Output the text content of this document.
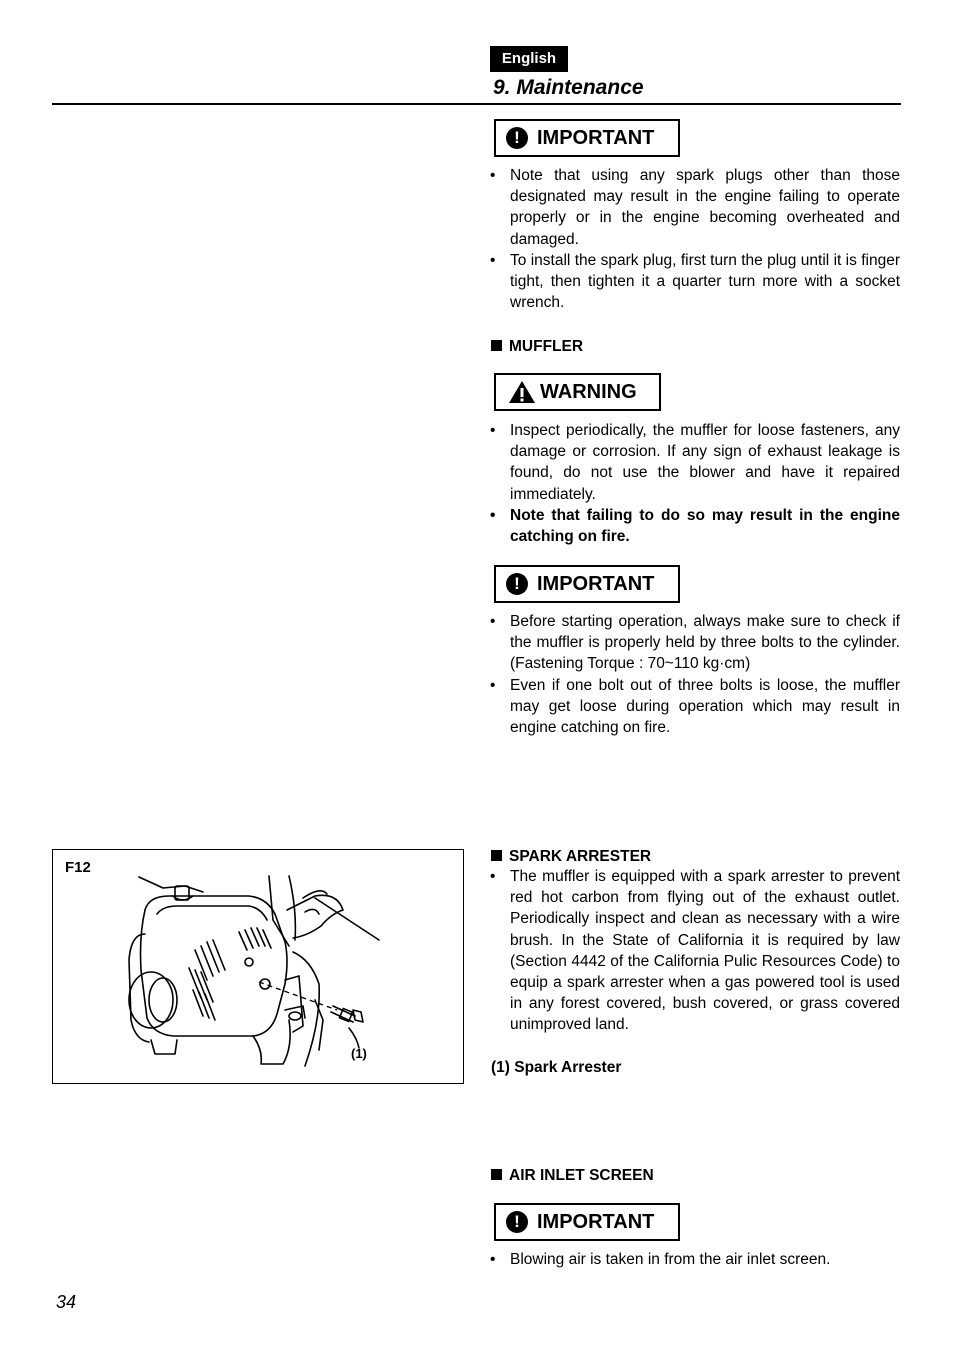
English
9. Maintenance
! IMPORTANT
• Note that using any spark plugs other than those designated may result in the engine failing to operate properly or in the engine becoming overheated and damaged.
• To install the spark plug, first turn the plug until it is finger tight, then tighten it a quarter turn more with a socket wrench.
MUFFLER
WARNING
• Inspect periodically, the muffler for loose fasteners, any damage or corrosion. If any sign of exhaust leakage is found, do not use the blower and have it repaired immediately.
• Note that failing to do so may result in the engine catching on fire.
! IMPORTANT
• Before starting operation, always make sure to check if the muffler is properly held by three bolts to the cylinder. (Fastening Torque : 70~110 kg·cm)
• Even if one bolt out of three bolts is loose, the muffler may get loose during operation which may result in engine catching on fire.
F12
(1)
SPARK ARRESTER
• The muffler is equipped with a spark arrester to prevent red hot carbon from flying out of the exhaust outlet. Periodically inspect and clean as necessary with a wire brush. In the State of California it is required by law (Section 4442 of the California Pulic Resources Code) to equip a spark arrester when a gas powered tool is used in any forest covered, bush covered, or grass covered unimproved land.
(1) Spark Arrester
AIR INLET SCREEN
! IMPORTANT
• Blowing air is taken in from the air inlet screen.
34
